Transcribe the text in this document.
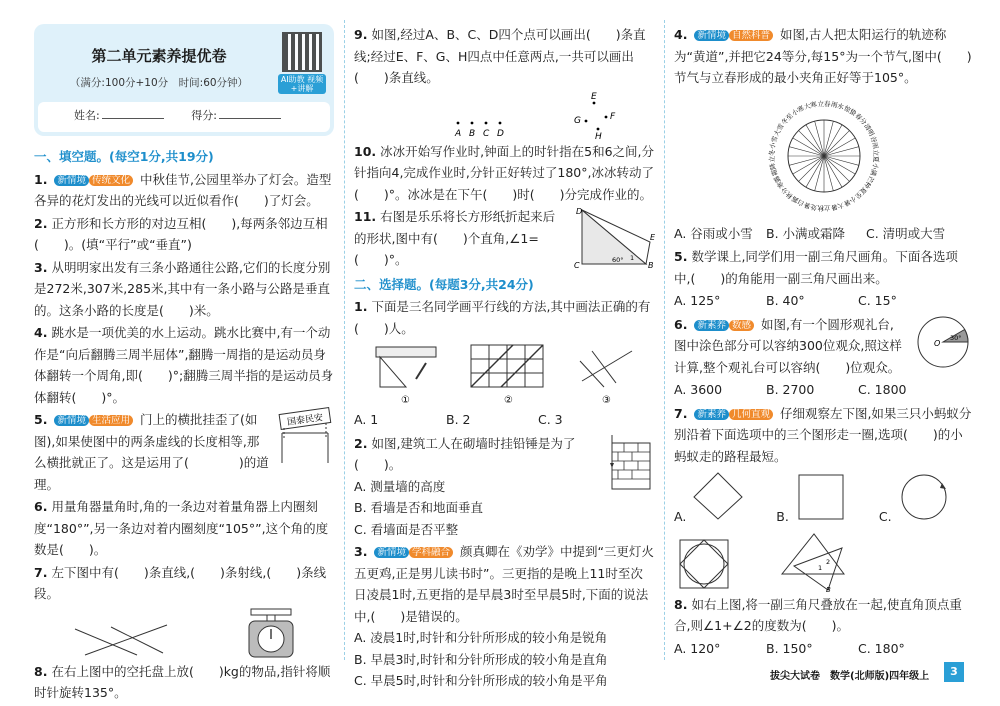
第二单元素养提优卷
（满分:100分+10分　时间:60分钟）	AI助教 视频+讲解
姓名:	得分:
一、填空题。(每空1分,共19分)
1. 新情境 传统文化 中秋佳节,公园里举办了灯会。造型各异的花灯发出的光线可以近似看作(　　)了灯会。
2. 正方形和长方形的对边互相(　　),每两条邻边互相(　　)。(填“平行”或“垂直”)
3. 从明明家出发有三条小路通往公路,它们的长度分别是272米,307米,285米,其中有一条小路与公路是垂直的。这条小路的长度是(　　)米。
4. 跳水是一项优美的水上运动。跳水比赛中,有一个动作是“向后翻腾三周半屈体”,翻腾一周指的是运动员身体翻转一个周角,即(　　)°;翻腾三周半指的是运动员身体翻转(　　)°。
国泰民安
5. 新情境 生活应用 门上的横批挂歪了(如图),如果使图中的两条虚线的长度相等,那么横批就正了。这是运用了(　　　　)的道理。
6. 用量角器量角时,角的一条边对着量角器上内圈刻度“180°”,另一条边对着内圈刻度“105°”,这个角的度数是(　　)。
7. 左下图中有(　　)条直线,(　　)条射线,(　　)条线段。
8. 在右上图中的空托盘上放(　　)kg的物品,指针将顺时针旋转135°。
9. 如图,经过A、B、C、D四个点可以画出(　　)条直线;经过E、F、G、H四点中任意两点,一共可以画出(　　)条直线。
A B C D
E
F
G
H
10. 冰冰开始写作业时,钟面上的时针指在5和6之间,分针指向4,完成作业时,分针正好转过了180°,冰冰转动了(　　)°。冰冰是在下午(　　)时(　　)分完成作业的。
D
C	B
E
60° 1
11. 右图是乐乐将长方形纸折起来后的形状,图中有(　　)个直角,∠1=(　　)°。
二、选择题。(每题3分,共24分)
1. 下面是三名同学画平行线的方法,其中画法正确的有(　　)人。
①	②	③
A. 1	B. 2	C. 3
2. 如图,建筑工人在砌墙时挂铅锤是为了(　　)。
A. 测量墙的高度
B. 看墙是否和地面垂直
C. 看墙面是否平整
3. 新情境 学科融合 颜真卿在《劝学》中提到“三更灯火五更鸡,正是男儿读书时”。三更指的是晚上11时至次日凌晨1时,五更指的是早晨3时至早晨5时,下面的说法中,(　　)是错误的。
A. 凌晨1时,时针和分针所形成的较小角是锐角
B. 早晨3时,时针和分针所形成的较小角是直角
C. 早晨5时,时针和分针所形成的较小角是平角
4. 新情境 自然科普 如图,古人把太阳运行的轨迹称为“黄道”,并把它24等分,每15°为一个节气,图中(　　)节气与立春形成的最小夹角正好等于105°。
立春 雨水
惊蛰
春分
清明
谷雨
立夏
小满
芒种
夏至
小暑
大暑
立秋
处暑
白露
秋分
寒露
霜降
立冬
小雪
大雪
冬至
小寒
大寒
A. 谷雨或小雪	B. 小满或霜降	C. 清明或大雪
5. 数学课上,同学们用一副三角尺画角。下面各选项中,(　　)的角能用一副三角尺画出来。
A. 125°	B. 40°	C. 15°
O
30°
6. 新素养 数感 如图,有一个圆形观礼台,图中涂色部分可以容纳300位观众,照这样计算,整个观礼台可以容纳(　　)位观众。
A. 3600	B. 2700	C. 1800
7. 新素养 几何直观 仔细观察左下图,如果三只小蚂蚁分别沿着下面选项中的三个图形走一圈,选项(　　)的小蚂蚁走的路程最短。
A.	B.	C.
1
2
B
8. 如右上图,将一副三角尺叠放在一起,使直角顶点重合,则∠1+∠2的度数为(　　)。
A. 120°	B. 150°	C. 180°
拔尖大试卷　数学(北师版)四年级上	3
